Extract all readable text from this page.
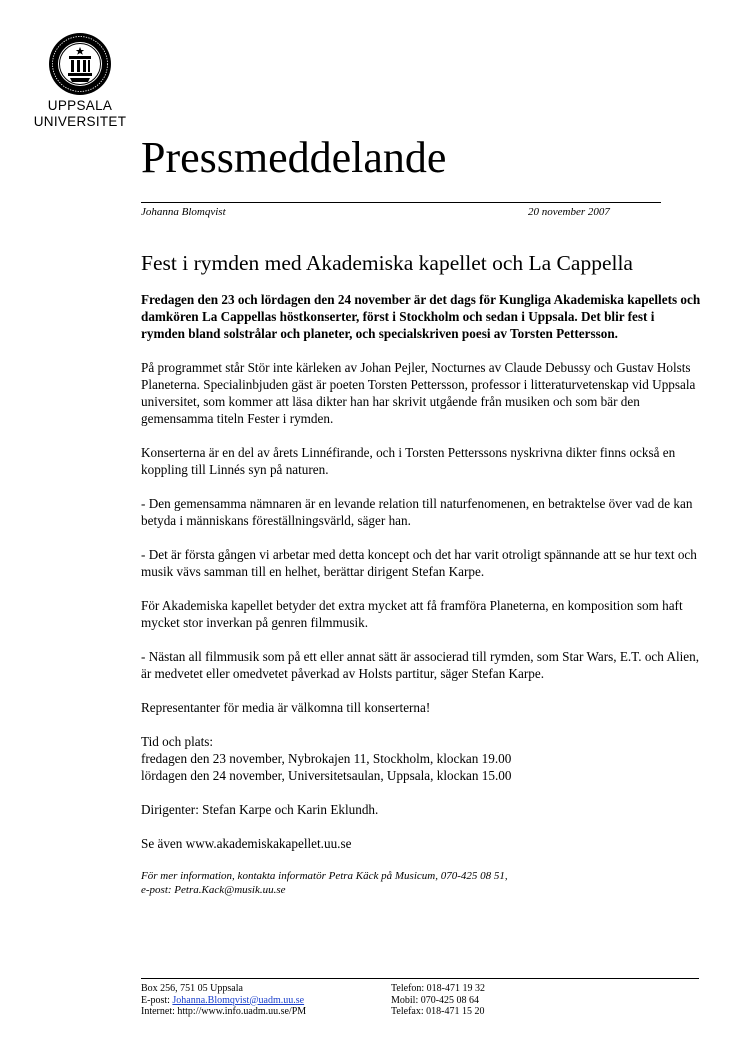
UPPSALA
UNIVERSITET
Pressmeddelande
Johanna Blomqvist	20 november 2007
Fest i rymden med Akademiska kapellet och La Cappella

Fredagen den 23 och lördagen den 24 november är det dags för Kungliga Akademiska kapellets och damkören La Cappellas höstkonserter, först i Stockholm och sedan i Uppsala. Det blir fest i rymden bland solstrålar och planeter, och specialskriven poesi av Torsten Pettersson.

På programmet står Stör inte kärleken av Johan Pejler, Nocturnes av Claude Debussy och Gustav Holsts Planeterna. Specialinbjuden gäst är poeten Torsten Pettersson, professor i litteraturvetenskap vid Uppsala universitet, som kommer att läsa dikter han har skrivit utgående från musiken och som bär den gemensamma titeln Fester i rymden.

Konserterna är en del av årets Linnéfirande, och i Torsten Petterssons nyskrivna dikter finns också en koppling till Linnés syn på naturen.

- Den gemensamma nämnaren är en levande relation till naturfenomenen, en betraktelse över vad de kan betyda i människans föreställningsvärld, säger han.

- Det är första gången vi arbetar med detta koncept och det har varit otroligt spännande att se hur text och musik vävs samman till en helhet, berättar dirigent Stefan Karpe.

För Akademiska kapellet betyder det extra mycket att få framföra Planeterna, en komposition som haft mycket stor inverkan på genren filmmusik.

- Nästan all filmmusik som på ett eller annat sätt är associerad till rymden, som Star Wars, E.T. och Alien, är medvetet eller omedvetet påverkad av Holsts partitur, säger Stefan Karpe.

Representanter för media är välkomna till konserterna!

Tid och plats:
fredagen den 23 november, Nybrokajen 11, Stockholm, klockan 19.00
lördagen den 24 november, Universitetsaulan, Uppsala, klockan 15.00

Dirigenter: Stefan Karpe och Karin Eklundh.

Se även www.akademiskakapellet.uu.se

För mer information, kontakta informatör Petra Käck på Musicum, 070-425 08 51,
e-post: Petra.Kack@musik.uu.se

Box 256, 751 05 Uppsala
E-post: Johanna.Blomqvist@uadm.uu.se
Internet: http://www.info.uadm.uu.se/PM
Telefon: 018-471 19 32
Mobil: 070-425 08 64
Telefax: 018-471 15 20
